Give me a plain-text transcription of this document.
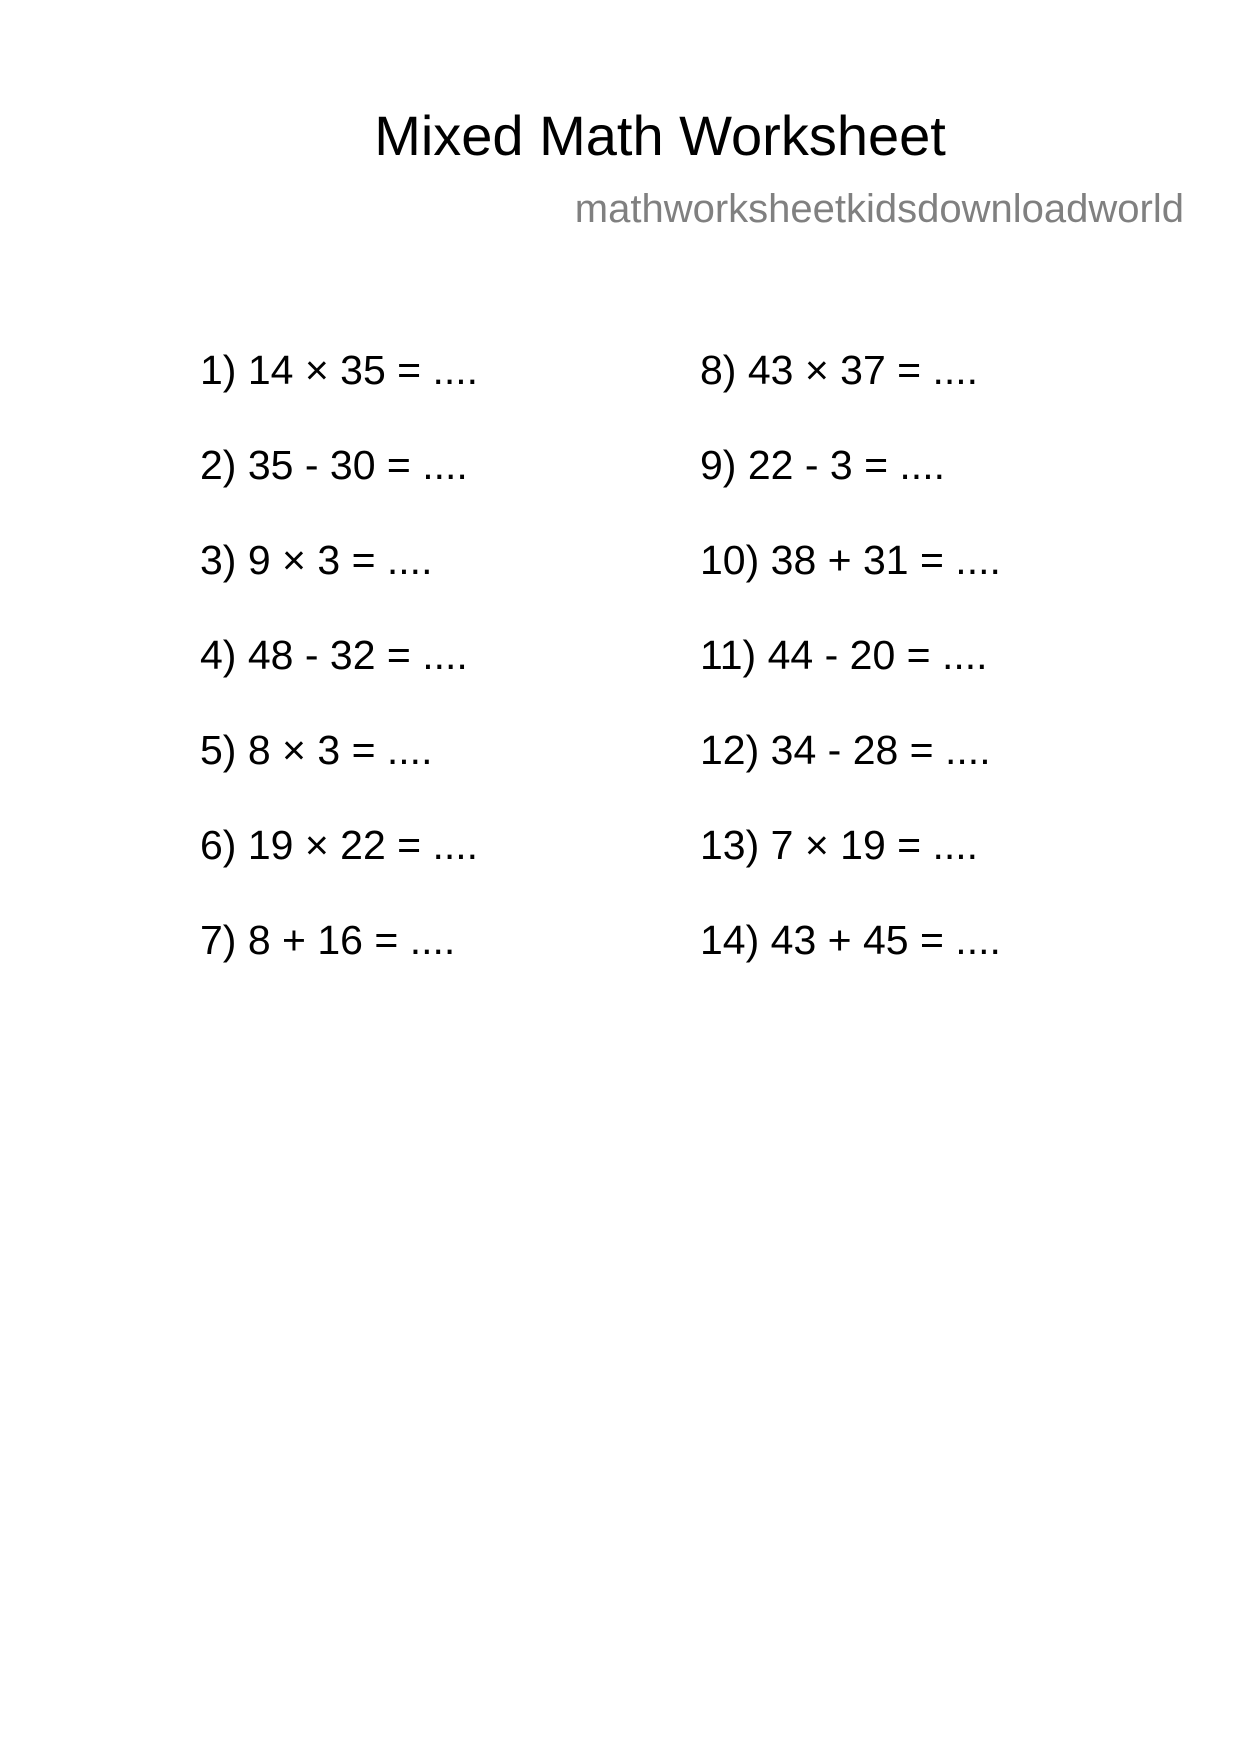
Mixed Math Worksheet
mathworksheetkidsdownloadworld
1) 14 × 35 = ....
2) 35 - 30 = ....
3) 9 × 3 = ....
4) 48 - 32 = ....
5) 8 × 3 = ....
6) 19 × 22 = ....
7) 8 + 16 = ....
8) 43 × 37 = ....
9) 22 - 3 = ....
10) 38 + 31 = ....
11) 44 - 20 = ....
12) 34 - 28 = ....
13) 7 × 19 = ....
14) 43 + 45 = ....
